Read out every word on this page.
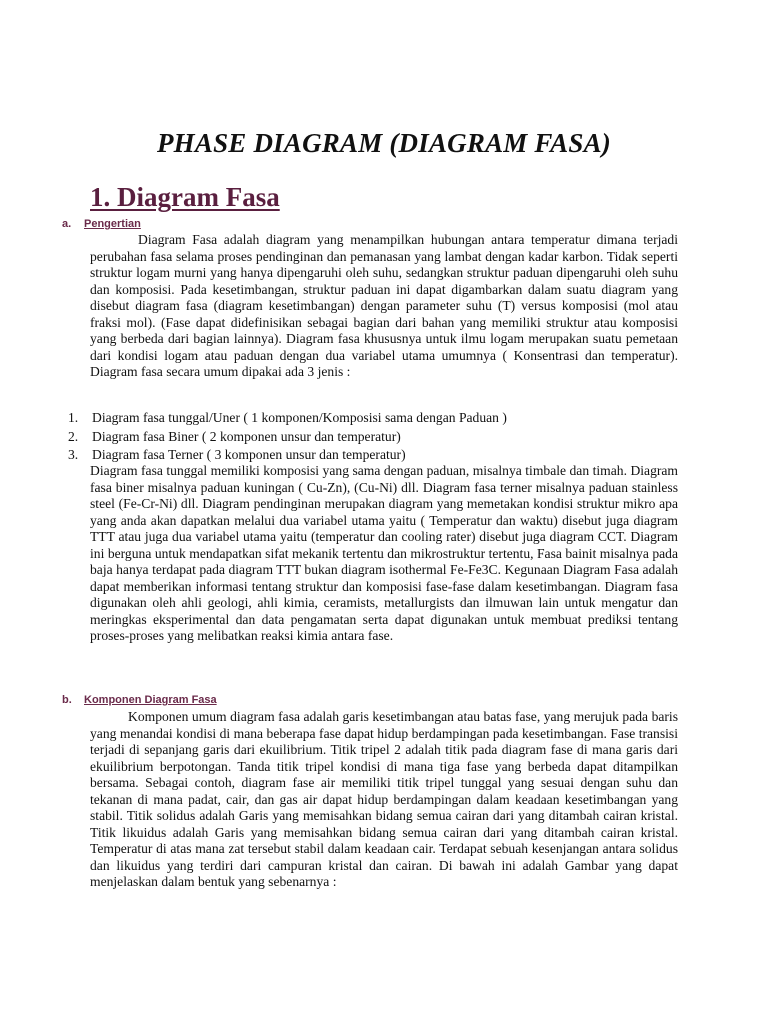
PHASE DIAGRAM (DIAGRAM FASA)
1. Diagram Fasa

a. Pengertian

Diagram Fasa adalah diagram yang menampilkan hubungan antara temperatur dimana terjadi perubahan fasa selama proses pendinginan dan pemanasan yang lambat dengan kadar karbon. Tidak seperti struktur logam murni yang hanya dipengaruhi oleh suhu, sedangkan struktur paduan dipengaruhi oleh suhu dan komposisi. Pada kesetimbangan, struktur paduan ini dapat digambarkan dalam suatu diagram yang disebut diagram fasa (diagram kesetimbangan) dengan parameter suhu (T) versus komposisi (mol atau fraksi mol). (Fase dapat didefinisikan sebagai bagian dari bahan yang memiliki struktur atau komposisi yang berbeda dari bagian lainnya). Diagram fasa khususnya untuk ilmu logam merupakan suatu pemetaan dari kondisi logam atau paduan dengan dua variabel utama umumnya ( Konsentrasi dan temperatur). Diagram fasa secara umum dipakai ada 3 jenis :

1. Diagram fasa tunggal/Uner ( 1 komponen/Komposisi sama dengan Paduan )

2. Diagram fasa Biner ( 2 komponen unsur dan temperatur)

3. Diagram fasa Terner ( 3 komponen unsur dan temperatur)

Diagram fasa tunggal memiliki komposisi yang sama dengan paduan, misalnya timbale dan timah. Diagram fasa biner misalnya paduan kuningan ( Cu-Zn), (Cu-Ni) dll. Diagram fasa terner misalnya paduan stainless steel (Fe-Cr-Ni) dll. Diagram pendinginan merupakan diagram yang memetakan kondisi struktur mikro apa yang anda akan dapatkan melalui dua variabel utama yaitu ( Temperatur dan waktu) disebut juga diagram TTT atau juga dua variabel utama yaitu (temperatur dan cooling rater) disebut juga diagram CCT. Diagram ini berguna untuk mendapatkan sifat mekanik tertentu dan mikrostruktur tertentu, Fasa bainit misalnya pada baja hanya terdapat pada diagram TTT bukan diagram isothermal Fe-Fe3C. Kegunaan Diagram Fasa adalah dapat memberikan informasi tentang struktur dan komposisi fase-fase dalam kesetimbangan. Diagram fasa digunakan oleh ahli geologi, ahli kimia, ceramists, metallurgists dan ilmuwan lain untuk mengatur dan meringkas eksperimental dan data pengamatan serta dapat digunakan untuk membuat prediksi tentang proses-proses yang melibatkan reaksi kimia antara fase.

b. Komponen Diagram Fasa

Komponen umum diagram fasa adalah garis kesetimbangan atau batas fase, yang merujuk pada baris yang menandai kondisi di mana beberapa fase dapat hidup berdampingan pada kesetimbangan. Fase transisi terjadi di sepanjang garis dari ekuilibrium. Titik tripel 2 adalah titik pada diagram fase di mana garis dari ekuilibrium berpotongan. Tanda titik tripel kondisi di mana tiga fase yang berbeda dapat ditampilkan bersama. Sebagai contoh, diagram fase air memiliki titik tripel tunggal yang sesuai dengan suhu dan tekanan di mana padat, cair, dan gas air dapat hidup berdampingan dalam keadaan kesetimbangan yang stabil. Titik solidus adalah Garis yang memisahkan bidang semua cairan dari yang ditambah cairan kristal. Titik likuidus adalah Garis yang memisahkan bidang semua cairan dari yang ditambah cairan kristal. Temperatur di atas mana zat tersebut stabil dalam keadaan cair. Terdapat sebuah kesenjangan antara solidus dan likuidus yang terdiri dari campuran kristal dan cairan. Di bawah ini adalah Gambar yang dapat menjelaskan dalam bentuk yang sebenarnya :
